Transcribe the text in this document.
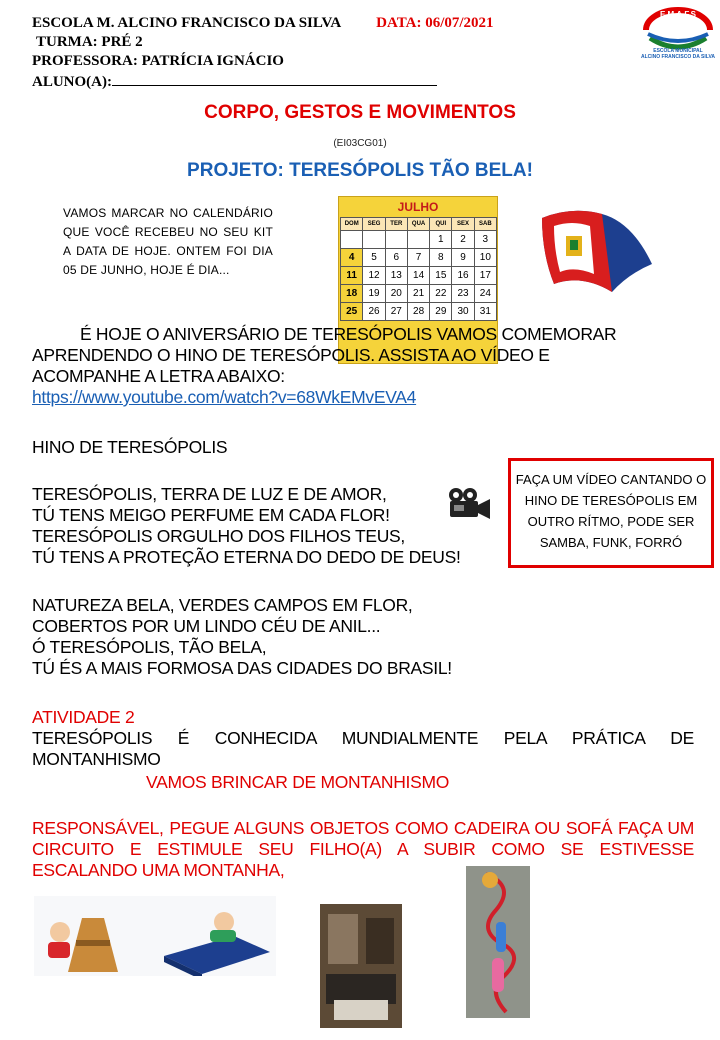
ESCOLA M. ALCINO FRANCISCO DA SILVA DATA: 06/07/2021
TURMA: PRÉ 2
PROFESSORA: PATRÍCIA IGNÁCIO
ALUNO(A):
E.M.A.F.S
ESCOLA MUNICIPAL
ALCINO FRANCISCO DA SILVA
CORPO, GESTOS E MOVIMENTOS
(EI03CG01)
PROJETO: TERESÓPOLIS TÃO BELA!
VAMOS MARCAR NO CALENDÁRIO QUE VOCÊ RECEBEU NO SEU KIT A DATA DE HOJE. ONTEM FOI DIA 05 DE JUNHO, HOJE É DIA...
JULHO
DOM	SEG	TER	QUA	QUI	SEX	SAB
				1	2	3
4	5	6	7	8	9	10
11	12	13	14	15	16	17
18	19	20	21	22	23	24
25	26	27	28	29	30	31
É HOJE O ANIVERSÁRIO DE TERESÓPOLIS VAMOS COMEMORAR
APRENDENDO O HINO DE TERESÓPOLIS. ASSISTA AO VÍDEO E
ACOMPANHE A LETRA ABAIXO:
https://www.youtube.com/watch?v=68WkEMvEVA4
HINO DE TERESÓPOLIS
TERESÓPOLIS, TERRA DE LUZ E DE AMOR,
TÚ TENS MEIGO PERFUME EM CADA FLOR!
TERESÓPOLIS ORGULHO DOS FILHOS TEUS,
TÚ TENS A PROTEÇÃO ETERNA DO DEDO DE DEUS!
FAÇA UM VÍDEO CANTANDO O HINO DE TERESÓPOLIS EM OUTRO RÍTMO, PODE SER SAMBA, FUNK, FORRÓ
NATUREZA BELA, VERDES CAMPOS EM FLOR,
COBERTOS POR UM LINDO CÉU DE ANIL...
Ó TERESÓPOLIS, TÃO BELA,
TÚ ÉS A MAIS FORMOSA DAS CIDADES DO BRASIL!
ATIVIDADE 2
TERESÓPOLIS É CONHECIDA MUNDIALMENTE PELA PRÁTICA DE MONTANHISMO
VAMOS BRINCAR DE MONTANHISMO
RESPONSÁVEL, PEGUE ALGUNS OBJETOS COMO CADEIRA OU SOFÁ FAÇA UM CIRCUITO E ESTIMULE SEU FILHO(A) A SUBIR COMO SE ESTIVESSE ESCALANDO UMA MONTANHA,
